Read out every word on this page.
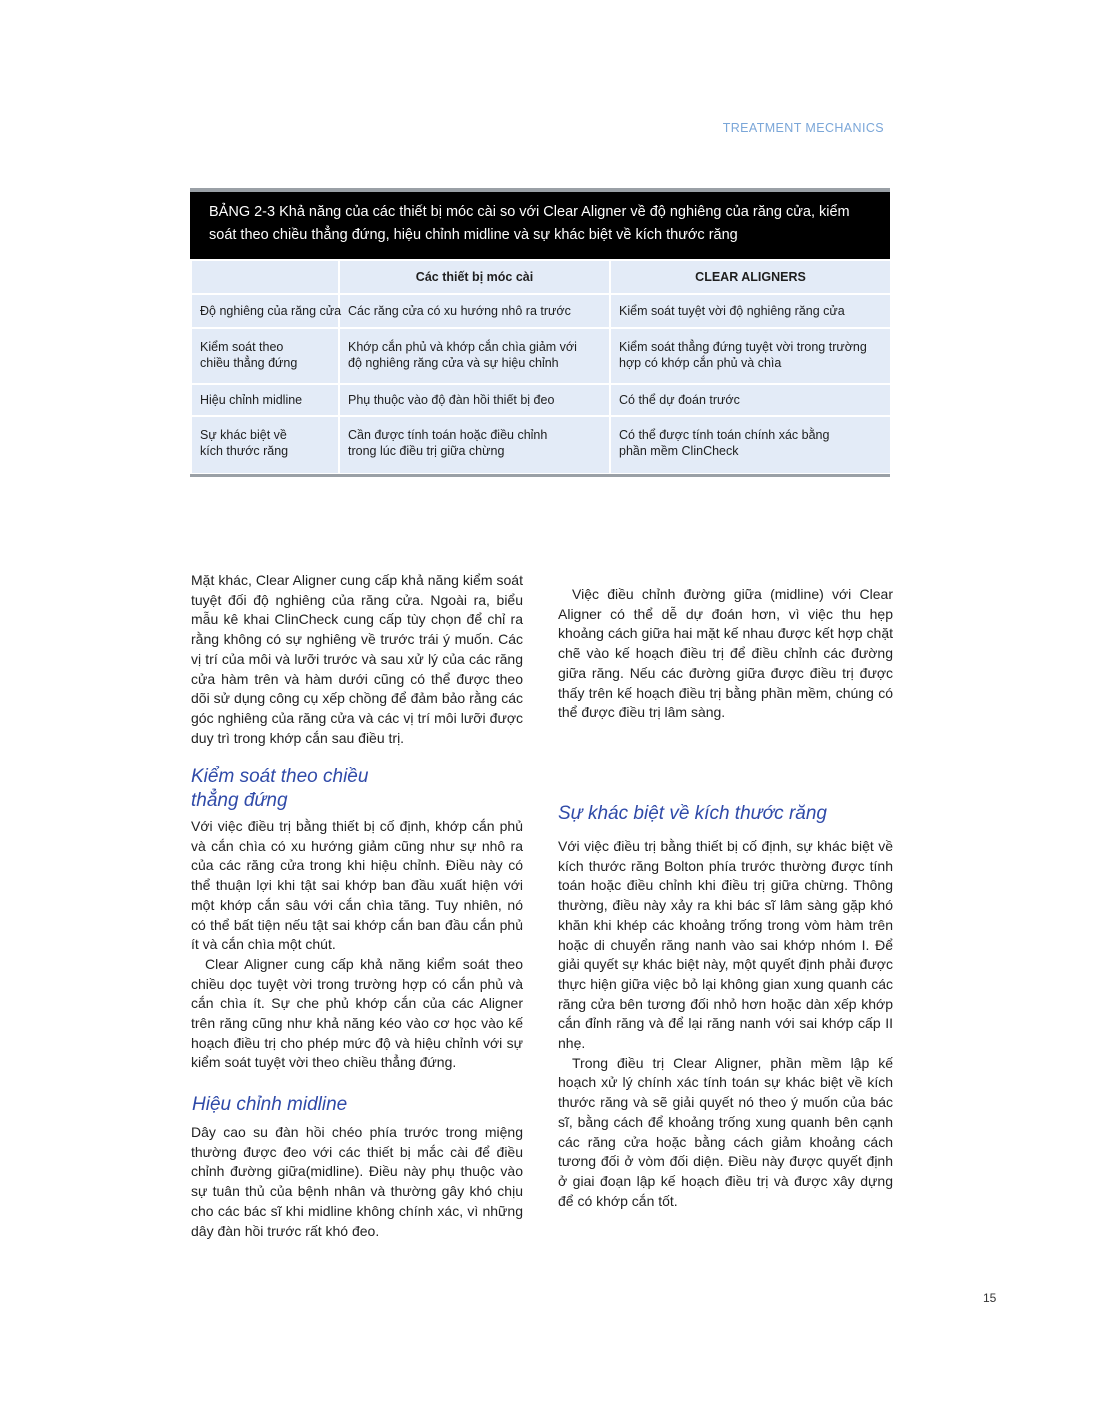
TREATMENT MECHANICS
BẢNG 2-3 Khả năng của các thiết bị móc cài so với Clear Aligner về độ nghiêng của răng cửa, kiểm soát theo chiều thẳng đứng, hiệu chỉnh midline và sự khác biệt về kích thước răng
	Các thiết bị móc cài	CLEAR ALIGNERS
Độ nghiêng của răng cửa	Các răng cửa có xu hướng nhô ra trước	Kiểm soát tuyệt vời độ nghiêng răng cửa
Kiểm soát theo chiều thẳng đứng	Khớp cắn phủ và khớp cắn chìa giảm với độ nghiêng răng cửa và sự hiệu chỉnh	Kiểm soát thẳng đứng tuyệt vời trong trường hợp có khớp cắn phủ và chìa
Hiệu chỉnh midline	Phụ thuộc vào độ đàn hồi thiết bị đeo	Có thể dự đoán trước
Sự khác biệt về kích thước răng	Cần được tính toán hoặc điều chỉnh trong lúc điều trị giữa chừng	Có thể được tính toán chính xác bằng phần mềm ClinCheck

Mặt khác, Clear Aligner cung cấp khả năng kiểm soát tuyệt đối độ nghiêng của răng cửa. Ngoài ra, biểu mẫu kê khai ClinCheck cung cấp tùy chọn để chỉ ra rằng không có sự nghiêng về trước trái ý muốn. Các vị trí của môi và lưỡi trước và sau xử lý của các răng cửa hàm trên và hàm dưới cũng có thể được theo dõi sử dụng công cụ xếp chồng để đảm bảo rằng các góc nghiêng của răng cửa và các vị trí môi lưỡi được duy trì trong khớp cắn sau điều trị.

Kiểm soát theo chiều
thẳng đứng

Với việc điều trị bằng thiết bị cố định, khớp cắn phủ và cắn chìa có xu hướng giảm cũng như sự nhô ra của các răng cửa trong khi hiệu chỉnh. Điều này có thể thuận lợi khi tật sai khớp ban đầu xuất hiện với một khớp cắn sâu với cắn chìa tăng. Tuy nhiên, nó có thể bất tiện nếu tật sai khớp cắn ban đầu cắn phủ ít và cắn chìa một chút.

Clear Aligner cung cấp khả năng kiểm soát theo chiều dọc tuyệt vời trong trường hợp có cắn phủ và cắn chìa ít. Sự che phủ khớp cắn của các Aligner trên răng cũng như khả năng kéo vào cơ học vào kế hoạch điều trị cho phép mức độ và hiệu chỉnh với sự kiểm soát tuyệt vời theo chiều thẳng đứng.

Hiệu chỉnh midline

Dây cao su đàn hồi chéo phía trước trong miệng thường được đeo với các thiết bị mắc cài để điều chỉnh đường giữa(midline). Điều này phụ thuộc vào sự tuân thủ của bệnh nhân và thường gây khó chịu cho các bác sĩ khi midline không chính xác, vì những dây đàn hồi trước rất khó đeo.

Việc điều chỉnh đường giữa (midline) với Clear Aligner có thể dễ dự đoán hơn, vì việc thu hẹp khoảng cách giữa hai mặt kế nhau được kết hợp chặt chẽ vào kế hoạch điều trị để điều chỉnh các đường giữa răng. Nếu các đường giữa được điều trị được thấy trên kế hoạch điều trị bằng phần mềm, chúng có thể được điều trị lâm sàng.

Sự khác biệt về kích thước răng

Với việc điều trị bằng thiết bị cố định, sự khác biệt về kích thước răng Bolton phía trước thường được tính toán hoặc điều chỉnh khi điều trị giữa chừng. Thông thường, điều này xảy ra khi bác sĩ lâm sàng gặp khó khăn khi khép các khoảng trống trong vòm hàm trên hoặc di chuyển răng nanh vào sai khớp nhóm I. Để giải quyết sự khác biệt này, một quyết định phải được thực hiện giữa việc bỏ lại không gian xung quanh các răng cửa bên tương đối nhỏ hơn hoặc dàn xếp khớp cắn đỉnh răng và để lại răng nanh với sai khớp cấp II nhẹ.

Trong điều trị Clear Aligner, phần mềm lập kế hoạch xử lý chính xác tính toán sự khác biệt về kích thước răng và sẽ giải quyết nó theo ý muốn của bác sĩ, bằng cách để khoảng trống xung quanh bên cạnh các răng cửa hoặc bằng cách giảm khoảng cách tương đối ở vòm đối diện. Điều này được quyết định ở giai đoạn lập kế hoạch điều trị và được xây dựng để có khớp cắn tốt.

15
